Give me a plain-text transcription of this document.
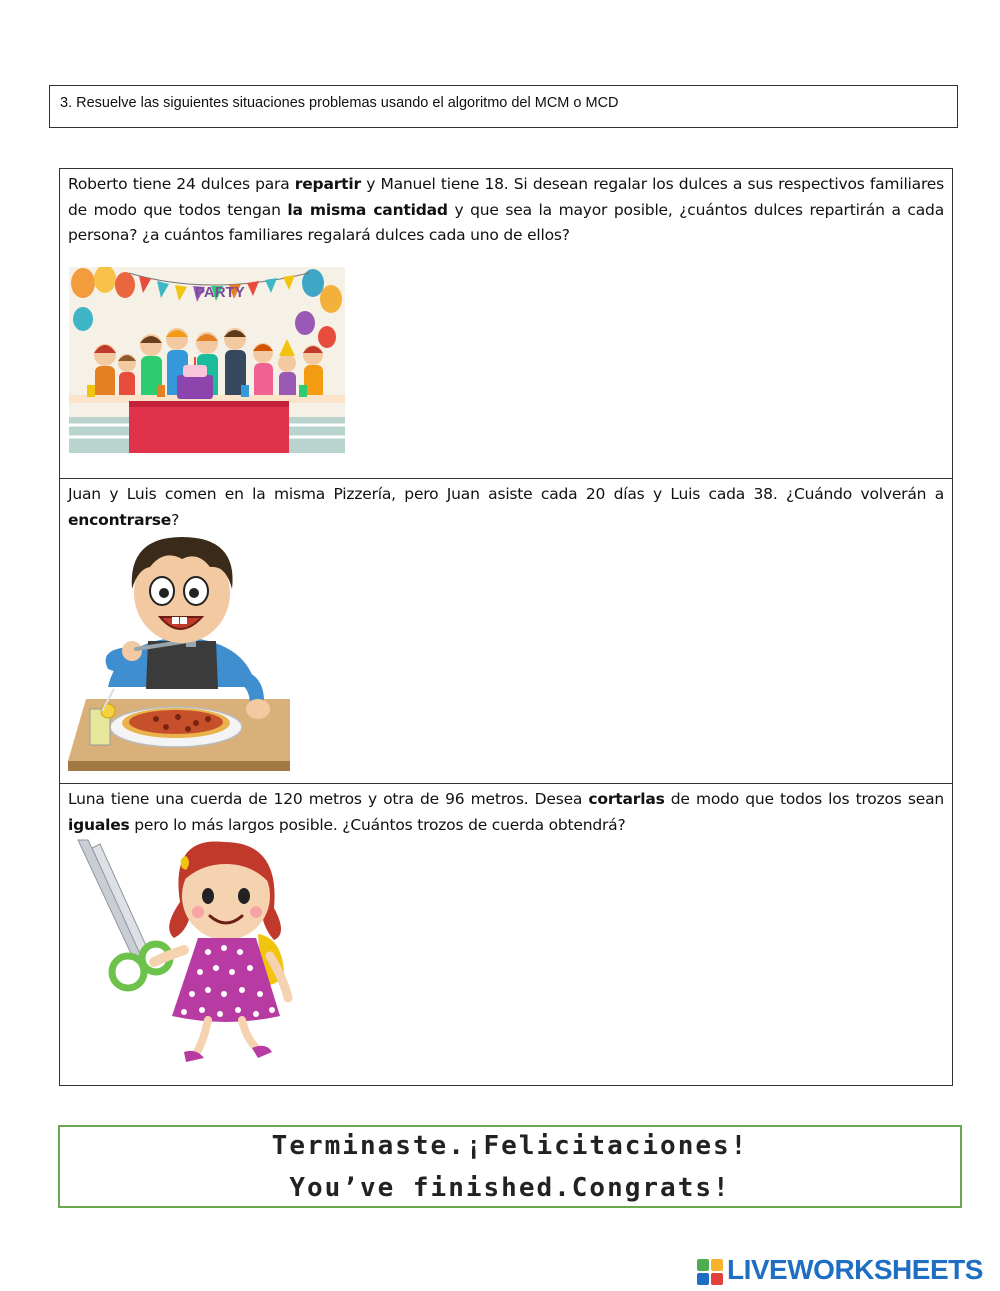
3. Resuelve las siguientes situaciones problemas usando el algoritmo del MCM o MCD
Roberto tiene 24 dulces para repartir y Manuel tiene 18. Si desean regalar los dulces a sus respectivos familiares de modo que todos tengan la misma cantidad y que sea la mayor posible, ¿cuántos dulces repartirán a cada persona? ¿a cuántos familiares regalará dulces cada uno de ellos?
PARTY
Juan y Luis comen en la misma Pizzería, pero Juan asiste cada 20 días y Luis cada 38. ¿Cuándo volverán a encontrarse?
Luna tiene una cuerda de 120 metros y otra de 96 metros. Desea cortarlas de modo que todos los trozos sean iguales pero lo más largos posible. ¿Cuántos trozos de cuerda obtendrá?
Terminaste.¡Felicitaciones!
You’ve finished.Congrats!
LIVEWORKSHEETS
